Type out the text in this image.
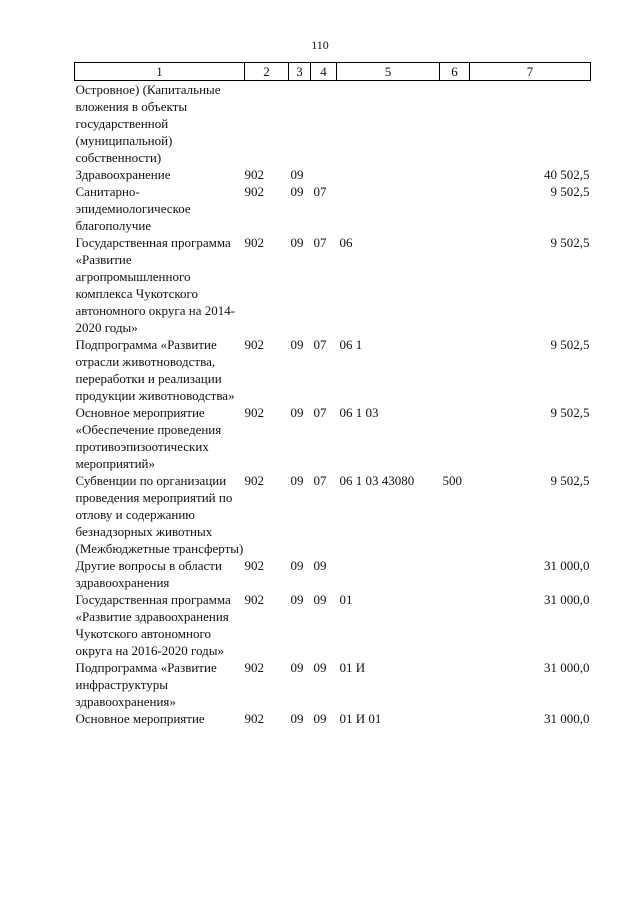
110
1	2	3	4	5	6	7
Островное) (Капитальные вложения в объекты государственной (муниципальной) собственности)						
Здравоохранение	902	09				40 502,5
Санитарно-эпидемиологическое благополучие	902	09	07			9 502,5
Государственная программа «Развитие агропромышленного комплекса Чукотского автономного округа на 2014-2020 годы»	902	09	07	06		9 502,5
Подпрограмма «Развитие отрасли животноводства, переработки и реализации продукции животноводства»	902	09	07	06 1		9 502,5
Основное мероприятие «Обеспечение проведения противоэпизоотических мероприятий»	902	09	07	06 1 03		9 502,5
Субвенции по организации проведения мероприятий по отлову и содержанию безнадзорных животных (Межбюджетные трансферты)	902	09	07	06 1 03 43080	500	9 502,5
Другие вопросы в области здравоохранения	902	09	09			31 000,0
Государственная программа «Развитие здравоохранения Чукотского автономного округа на 2016-2020 годы»	902	09	09	01		31 000,0
Подпрограмма «Развитие инфраструктуры здравоохранения»	902	09	09	01 И		31 000,0
Основное мероприятие	902	09	09	01 И 01		31 000,0
